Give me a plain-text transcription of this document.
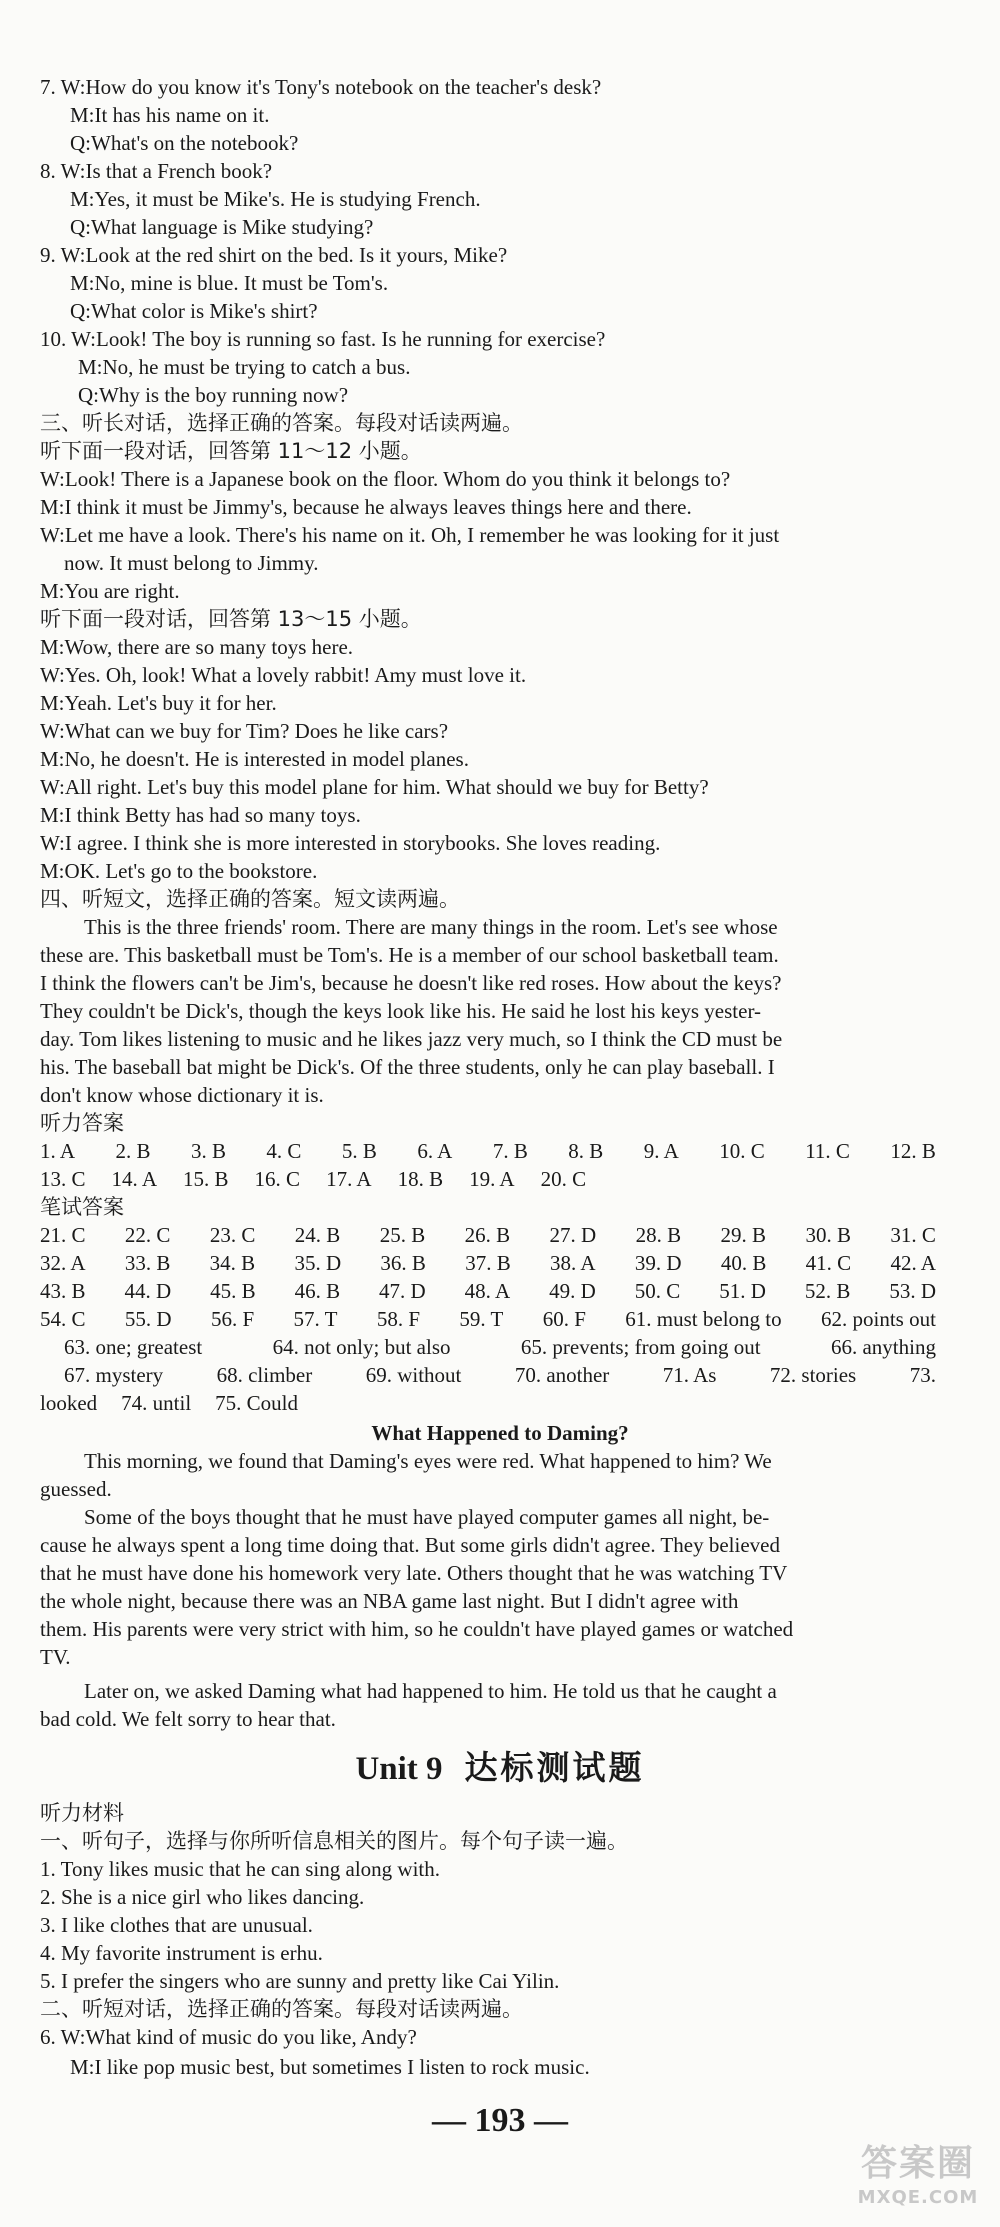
7. W:How do you know it's Tony's notebook on the teacher's desk?
M:It has his name on it.
Q:What's on the notebook?
8. W:Is that a French book?
M:Yes, it must be Mike's. He is studying French.
Q:What language is Mike studying?
9. W:Look at the red shirt on the bed. Is it yours, Mike?
M:No, mine is blue. It must be Tom's.
Q:What color is Mike's shirt?
10. W:Look! The boy is running so fast. Is he running for exercise?
M:No, he must be trying to catch a bus.
Q:Why is the boy running now?
三、听长对话，选择正确的答案。每段对话读两遍。
听下面一段对话，回答第 11～12 小题。
W:Look! There is a Japanese book on the floor. Whom do you think it belongs to?
M:I think it must be Jimmy's, because he always leaves things here and there.
W:Let me have a look. There's his name on it. Oh, I remember he was looking for it just
now. It must belong to Jimmy.
M:You are right.
听下面一段对话，回答第 13～15 小题。
M:Wow, there are so many toys here.
W:Yes. Oh, look! What a lovely rabbit! Amy must love it.
M:Yeah. Let's buy it for her.
W:What can we buy for Tim? Does he like cars?
M:No, he doesn't. He is interested in model planes.
W:All right. Let's buy this model plane for him. What should we buy for Betty?
M:I think Betty has had so many toys.
W:I agree. I think she is more interested in storybooks. She loves reading.
M:OK. Let's go to the bookstore.
四、听短文，选择正确的答案。短文读两遍。
This is the three friends' room. There are many things in the room. Let's see whose
these are. This basketball must be Tom's. He is a member of our school basketball team.
I think the flowers can't be Jim's, because he doesn't like red roses. How about the keys?
They couldn't be Dick's, though the keys look like his. He said he lost his keys yester-
day. Tom likes listening to music and he likes jazz very much, so I think the CD must be
his. The baseball bat might be Dick's. Of the three students, only he can play baseball. I
don't know whose dictionary it is.
听力答案
1. A 2. B 3. B 4. C 5. B 6. A 7. B 8. B 9. A 10. C 11. C 12. B
13. C 14. A 15. B 16. C 17. A 18. B 19. A 20. C
笔试答案
21. C 22. C 23. C 24. B 25. B 26. B 27. D 28. B 29. B 30. B 31. C
32. A 33. B 34. B 35. D 36. B 37. B 38. A 39. D 40. B 41. C 42. A
43. B 44. D 45. B 46. B 47. D 48. A 49. D 50. C 51. D 52. B 53. D
54. C 55. D 56. F 57. T 58. F 59. T 60. F 61. must belong to 62. points out
63. one; greatest	64. not only; but also	65. prevents; from going out	66. anything
67. mystery	68. climber	69. without	70. another	71. As	72. stories	73.
looked 74. until 75. Could
What Happened to Daming?
This morning, we found that Daming's eyes were red. What happened to him? We
guessed.
Some of the boys thought that he must have played computer games all night, be-
cause he always spent a long time doing that. But some girls didn't agree. They believed
that he must have done his homework very late. Others thought that he was watching TV
the whole night, because there was an NBA game last night. But I didn't agree with
them. His parents were very strict with him, so he couldn't have played games or watched
TV.
Later on, we asked Daming what had happened to him. He told us that he caught a
bad cold. We felt sorry to hear that.
Unit 9 达标测试题
听力材料
一、听句子，选择与你所听信息相关的图片。每个句子读一遍。
1. Tony likes music that he can sing along with.
2. She is a nice girl who likes dancing.
3. I like clothes that are unusual.
4. My favorite instrument is erhu.
5. I prefer the singers who are sunny and pretty like Cai Yilin.
二、听短对话，选择正确的答案。每段对话读两遍。
6. W:What kind of music do you like, Andy?
M:I like pop music best, but sometimes I listen to rock music.
— 193 —
答案圈
MXQE.COM
